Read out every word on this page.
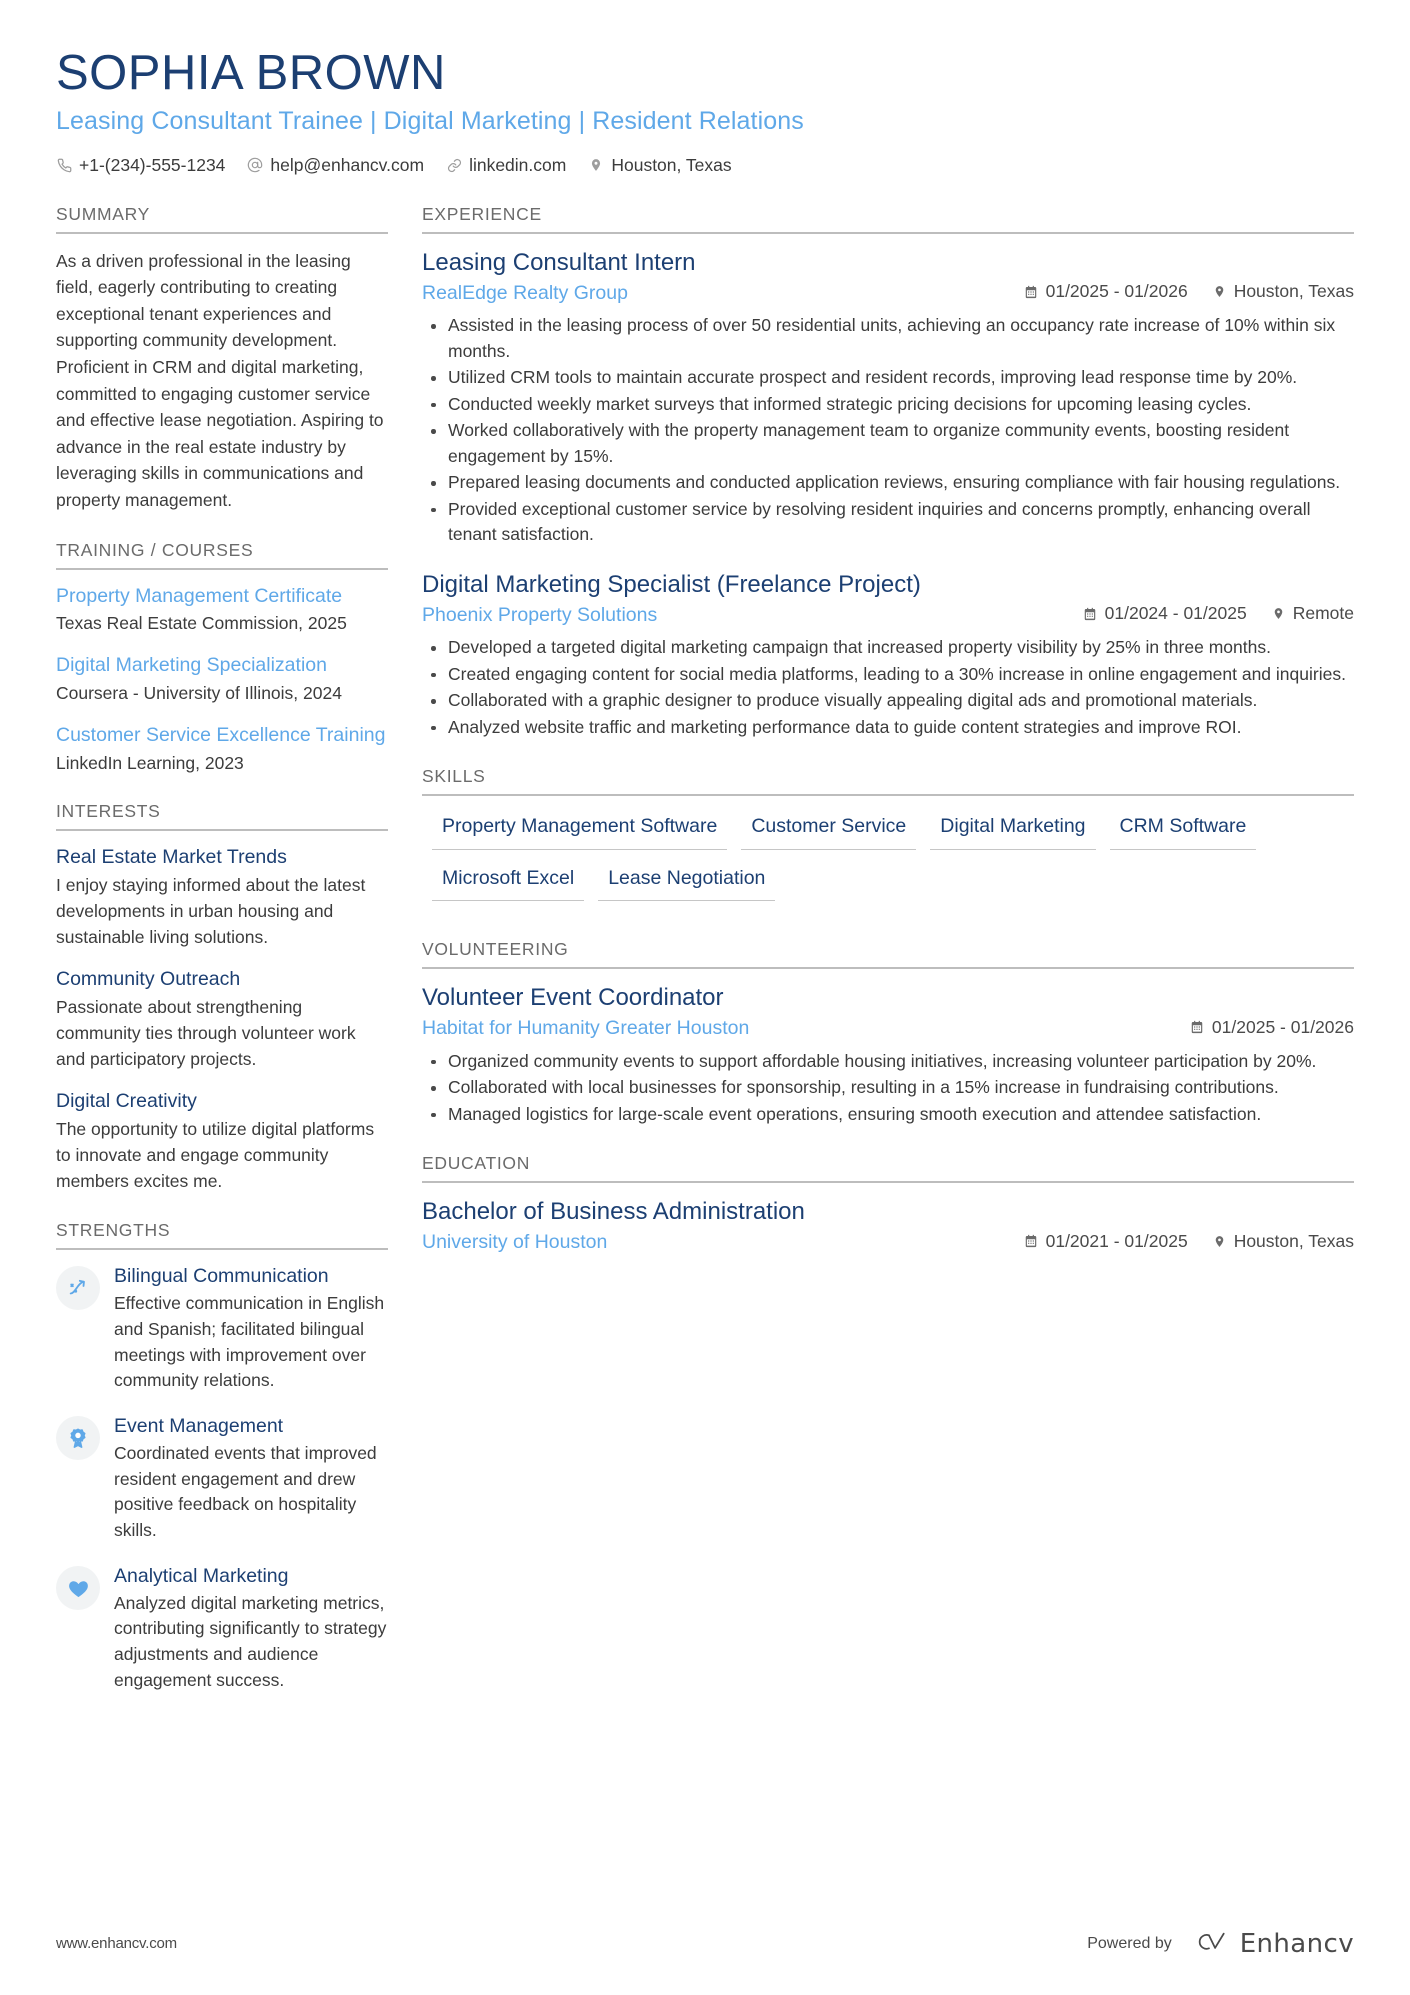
SOPHIA BROWN
Leasing Consultant Trainee | Digital Marketing | Resident Relations
+1-(234)-555-1234	help@enhancv.com	linkedin.com	Houston, Texas
SUMMARY
As a driven professional in the leasing field, eagerly contributing to creating exceptional tenant experiences and supporting community development. Proficient in CRM and digital marketing, committed to engaging customer service and effective lease negotiation. Aspiring to advance in the real estate industry by leveraging skills in communications and property management.
TRAINING / COURSES
Property Management Certificate
Texas Real Estate Commission, 2025
Digital Marketing Specialization
Coursera - University of Illinois, 2024
Customer Service Excellence Training
LinkedIn Learning, 2023
INTERESTS
Real Estate Market Trends
I enjoy staying informed about the latest developments in urban housing and sustainable living solutions.
Community Outreach
Passionate about strengthening community ties through volunteer work and participatory projects.
Digital Creativity
The opportunity to utilize digital platforms to innovate and engage community members excites me.
STRENGTHS
Bilingual Communication
Effective communication in English and Spanish; facilitated bilingual meetings with improvement over community relations.
Event Management
Coordinated events that improved resident engagement and drew positive feedback on hospitality skills.
Analytical Marketing
Analyzed digital marketing metrics, contributing significantly to strategy adjustments and audience engagement success.
EXPERIENCE
Leasing Consultant Intern
RealEdge Realty Group	01/2025 - 01/2026	Houston, Texas
Assisted in the leasing process of over 50 residential units, achieving an occupancy rate increase of 10% within six months.
Utilized CRM tools to maintain accurate prospect and resident records, improving lead response time by 20%.
Conducted weekly market surveys that informed strategic pricing decisions for upcoming leasing cycles.
Worked collaboratively with the property management team to organize community events, boosting resident engagement by 15%.
Prepared leasing documents and conducted application reviews, ensuring compliance with fair housing regulations.
Provided exceptional customer service by resolving resident inquiries and concerns promptly, enhancing overall tenant satisfaction.
Digital Marketing Specialist (Freelance Project)
Phoenix Property Solutions	01/2024 - 01/2025	Remote
Developed a targeted digital marketing campaign that increased property visibility by 25% in three months.
Created engaging content for social media platforms, leading to a 30% increase in online engagement and inquiries.
Collaborated with a graphic designer to produce visually appealing digital ads and promotional materials.
Analyzed website traffic and marketing performance data to guide content strategies and improve ROI.
SKILLS
Property Management Software	Customer Service	Digital Marketing	CRM Software
Microsoft Excel	Lease Negotiation
VOLUNTEERING
Volunteer Event Coordinator
Habitat for Humanity Greater Houston	01/2025 - 01/2026
Organized community events to support affordable housing initiatives, increasing volunteer participation by 20%.
Collaborated with local businesses for sponsorship, resulting in a 15% increase in fundraising contributions.
Managed logistics for large-scale event operations, ensuring smooth execution and attendee satisfaction.
EDUCATION
Bachelor of Business Administration
University of Houston	01/2021 - 01/2025	Houston, Texas
www.enhancv.com	Powered by	Enhancv
